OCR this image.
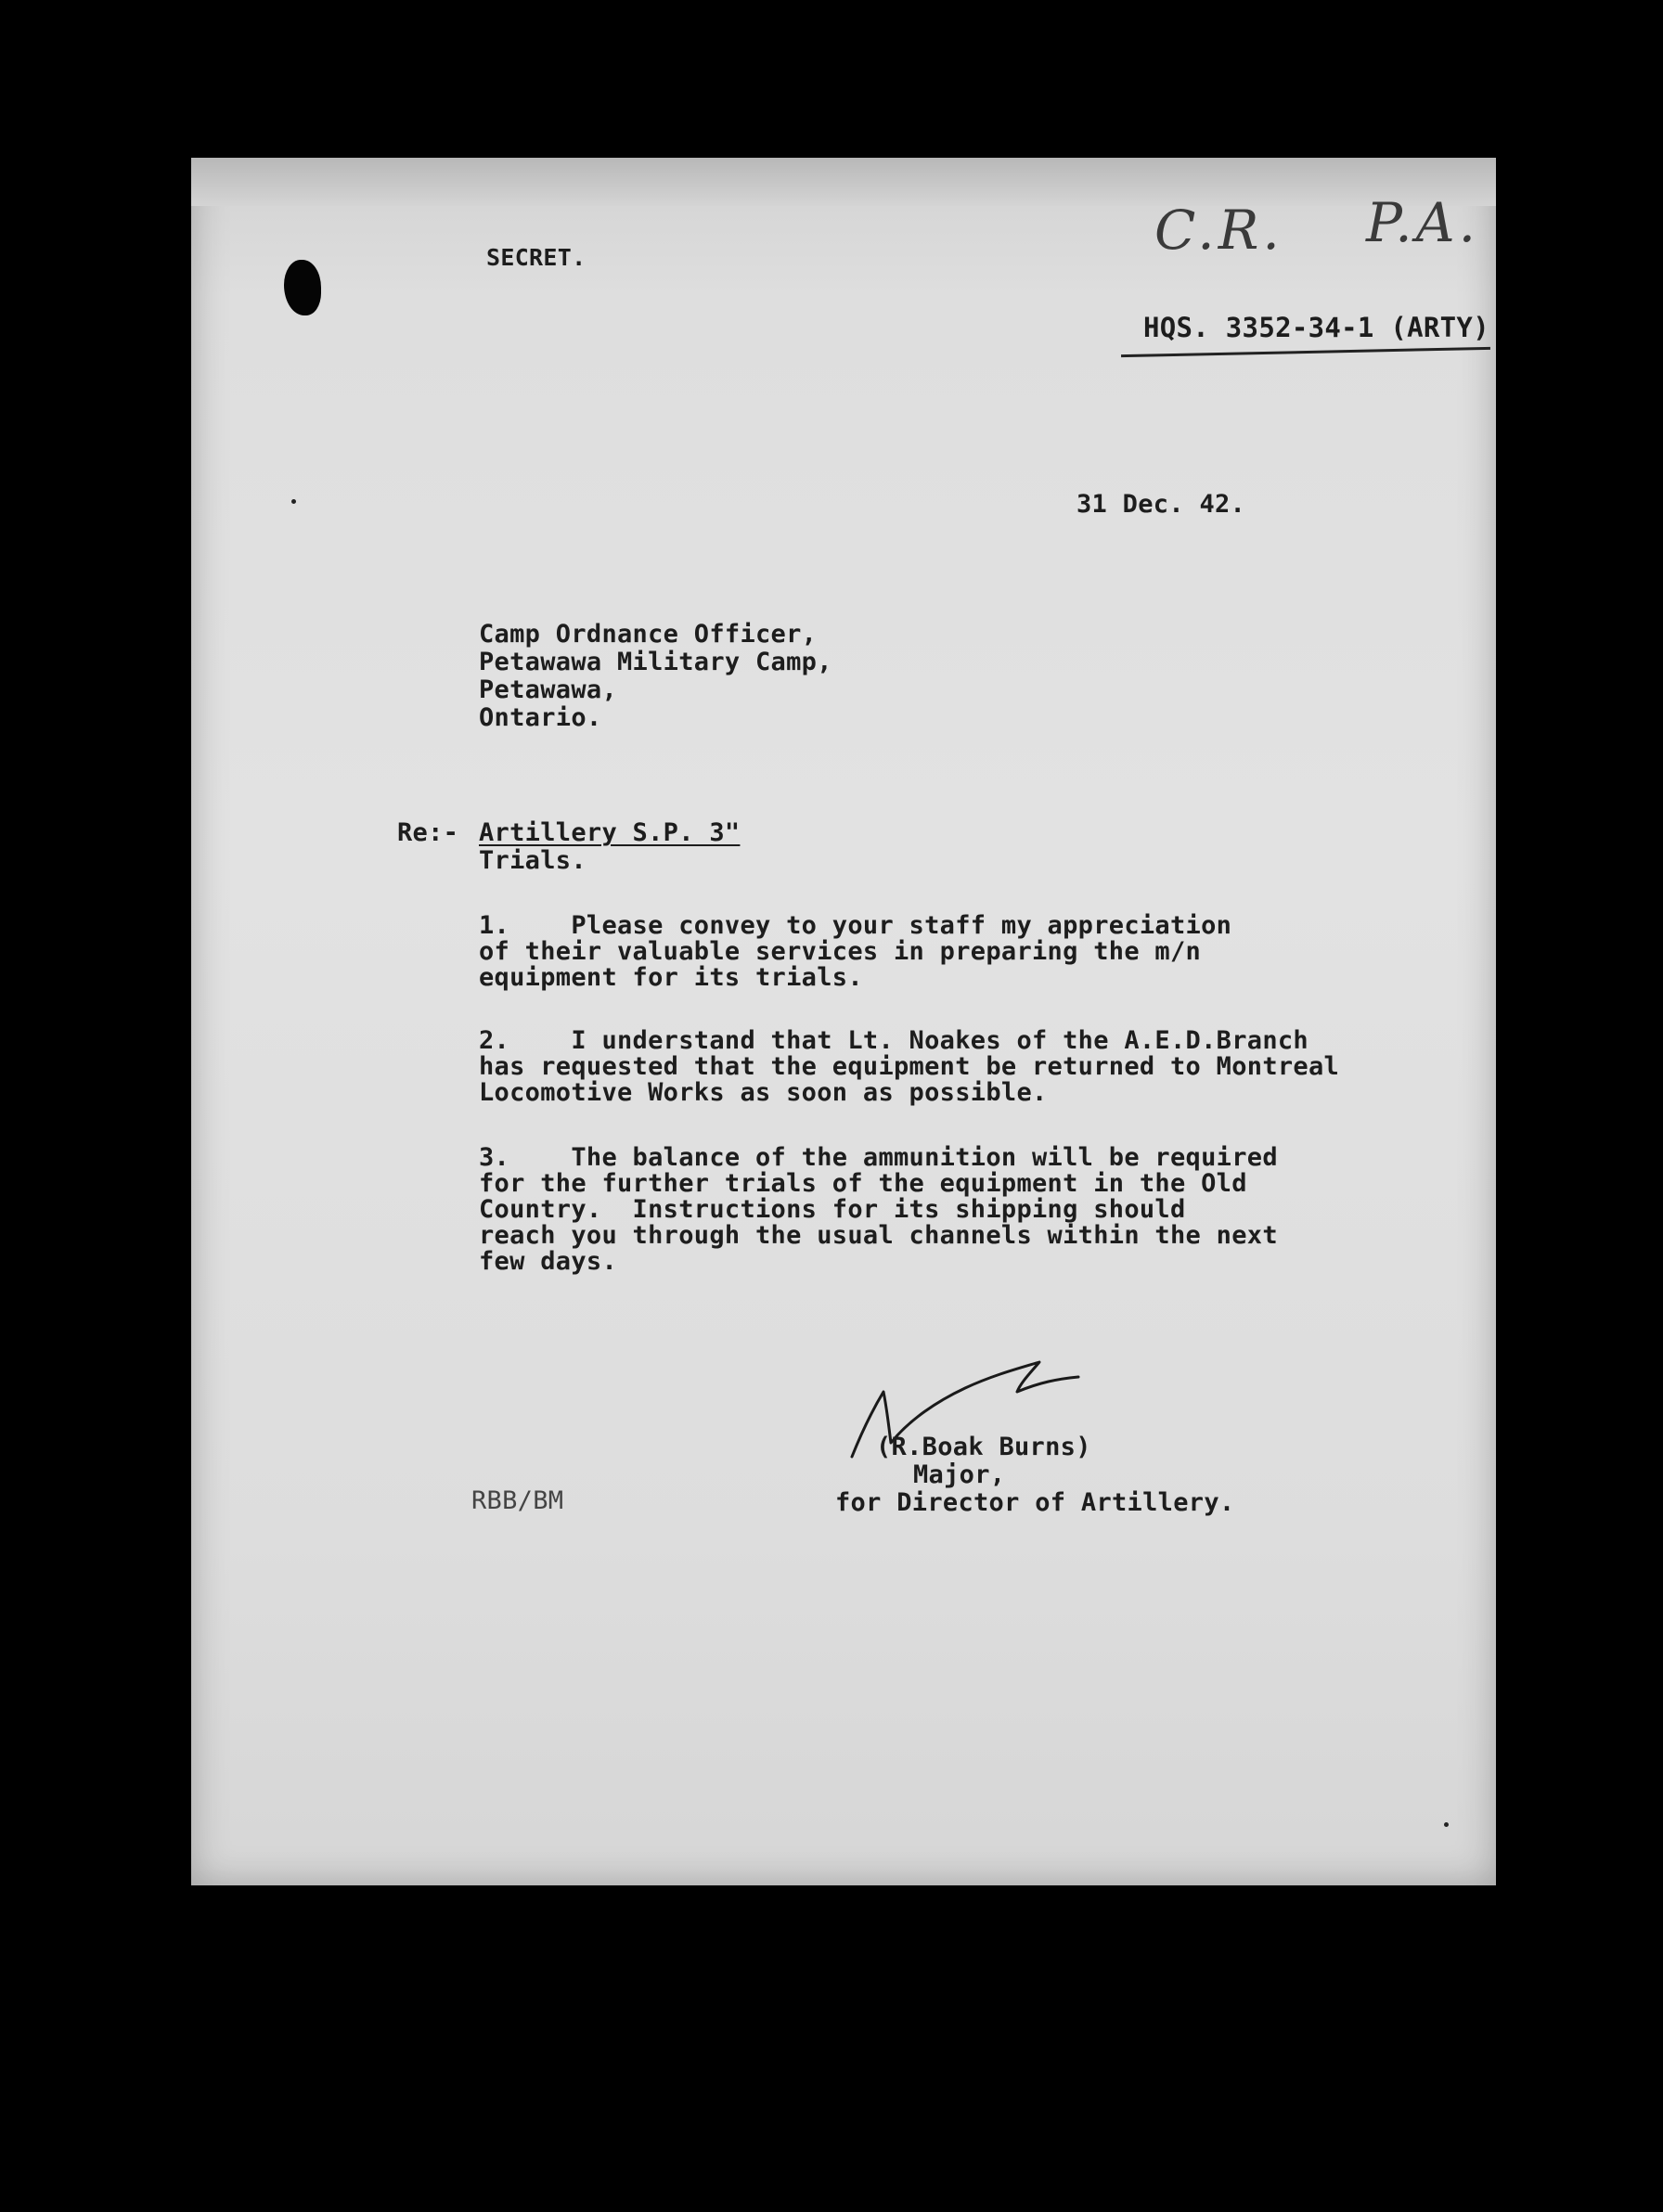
C.R. P.A.
SECRET.
HQS. 3352-34-1 (ARTY)
31 Dec. 42.
Camp Ordnance Officer,
Petawawa Military Camp,
Petawawa,
Ontario.
Re:- Artillery S.P. 3"
Trials.
1.    Please convey to your staff my appreciation
of their valuable services in preparing the m/n
equipment for its trials.
2.    I understand that Lt. Noakes of the A.E.D.Branch
has requested that the equipment be returned to Montreal
Locomotive Works as soon as possible.
3.    The balance of the ammunition will be required
for the further trials of the equipment in the Old
Country.  Instructions for its shipping should
reach you through the usual channels within the next
few days.
(R.Boak Burns)
Major,
for Director of Artillery.
RBB/BM
